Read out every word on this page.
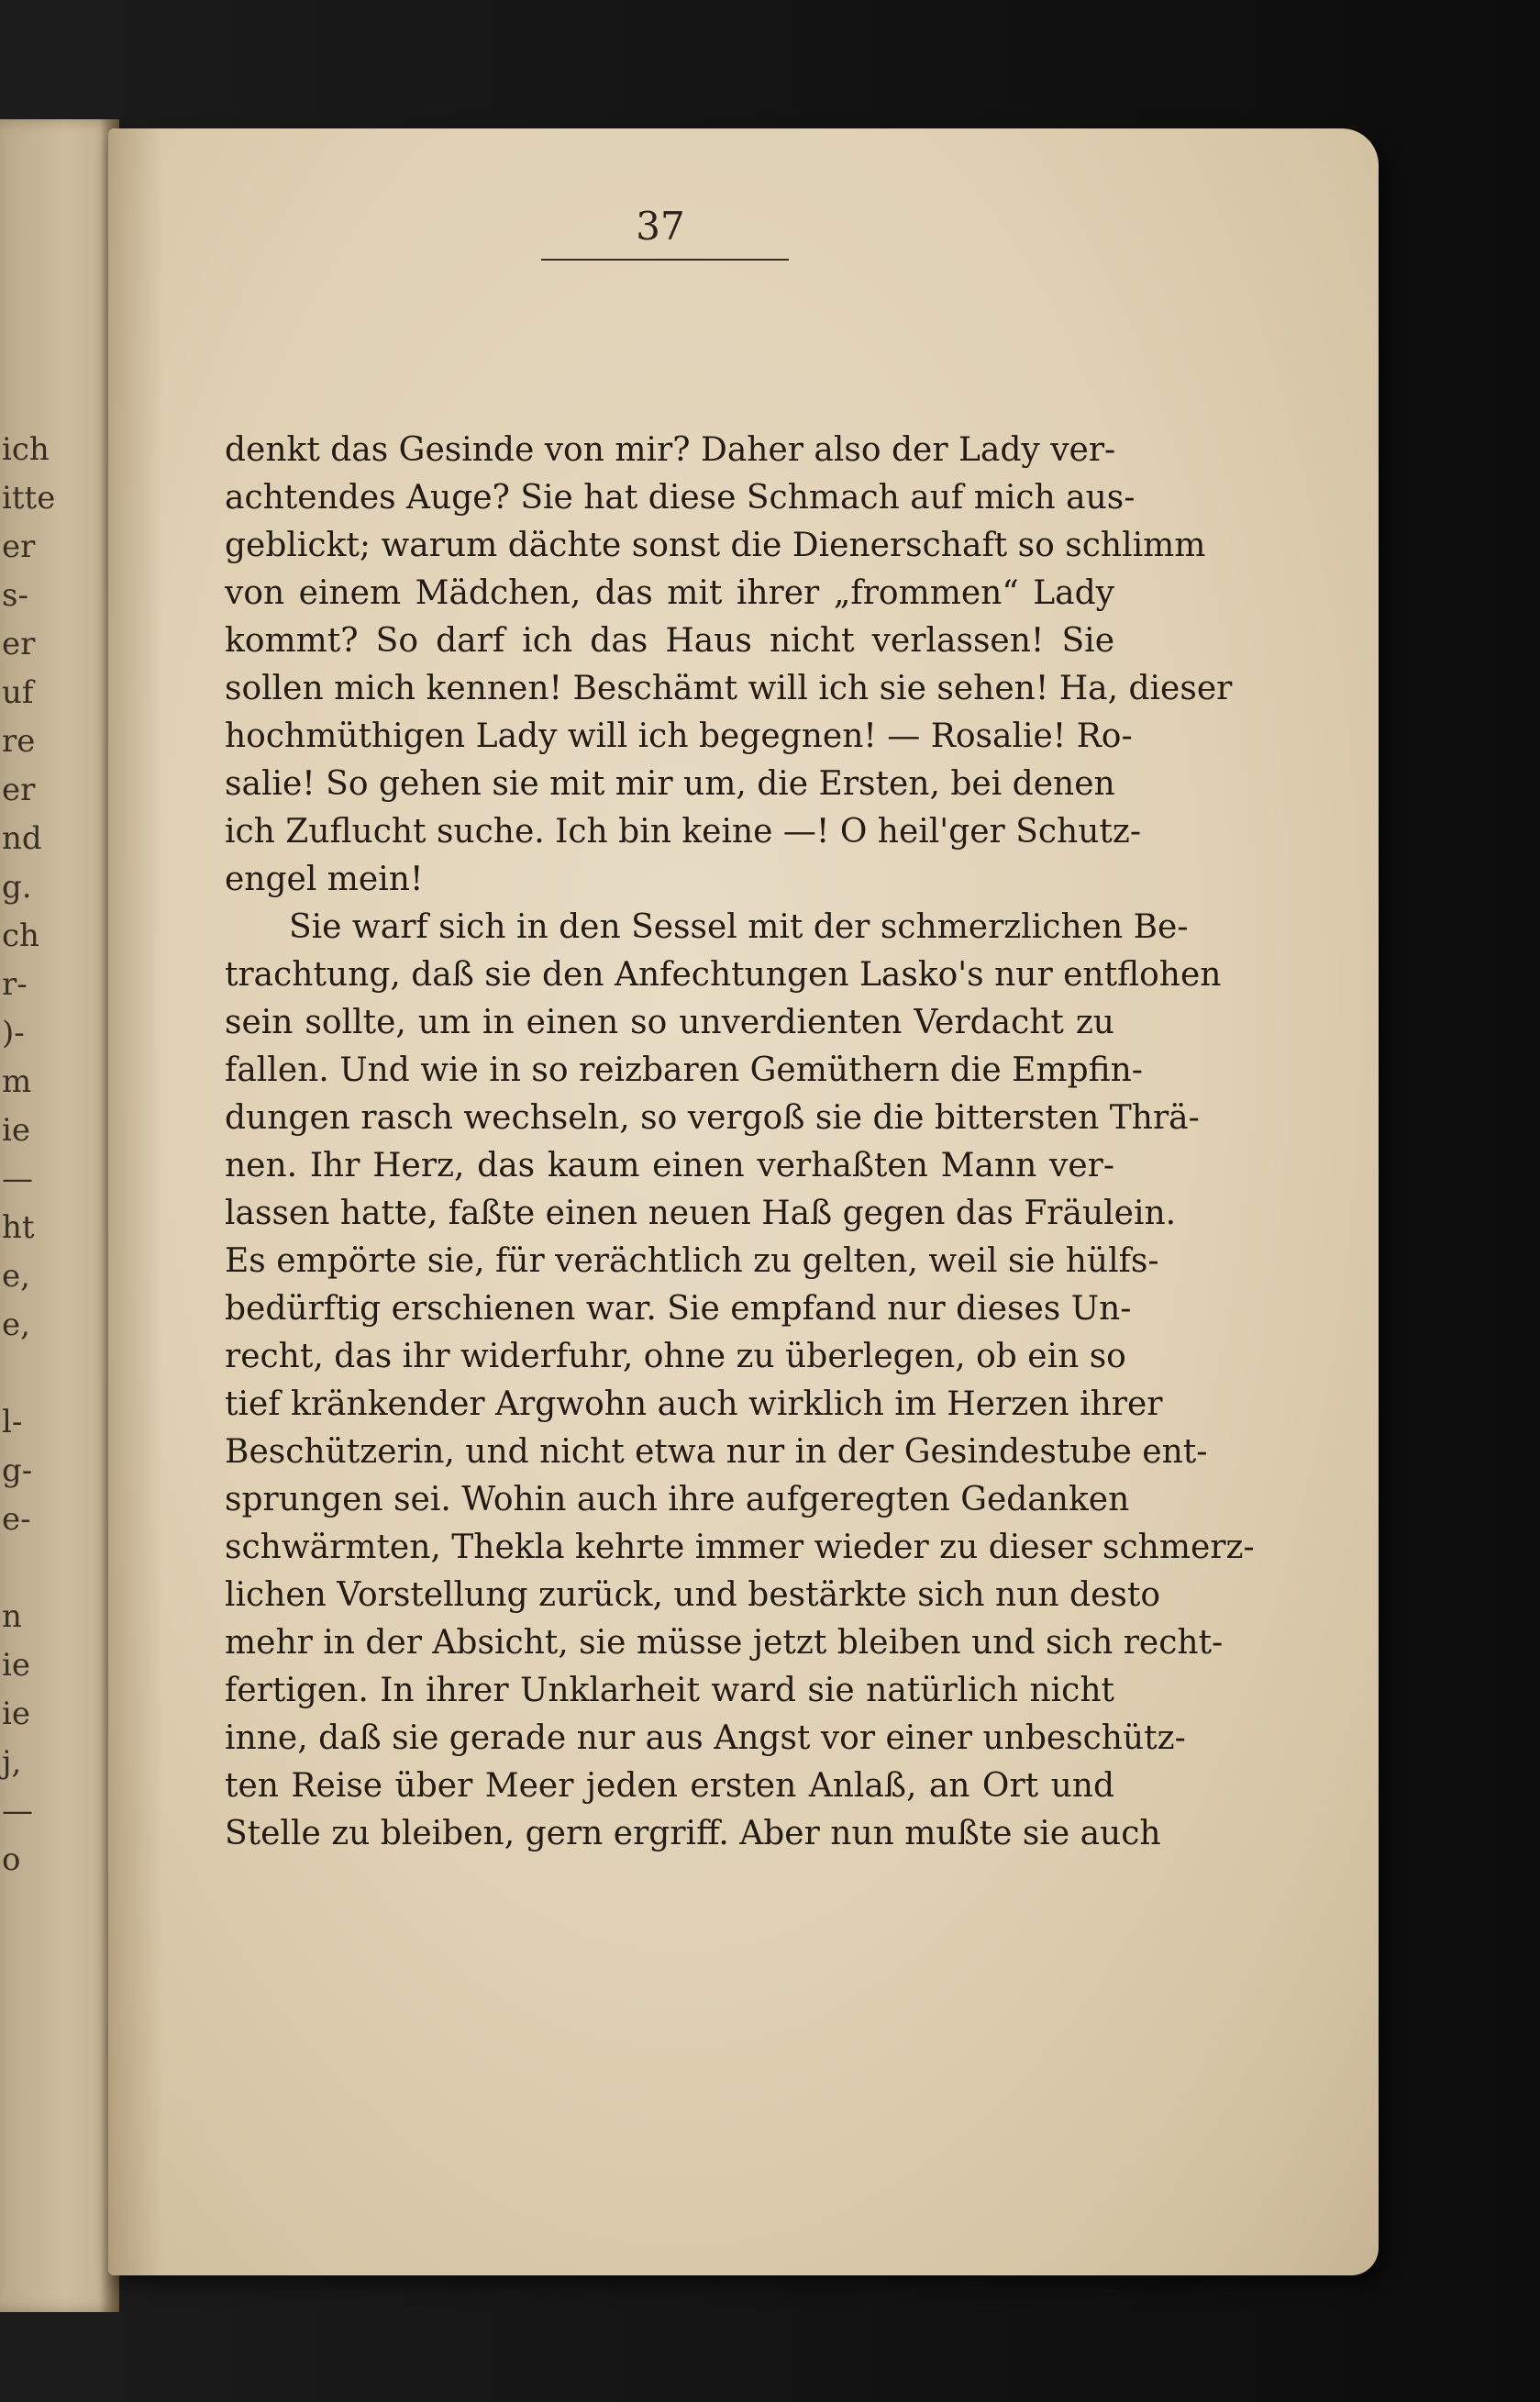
ich
itte
er
s-
er
uf
re
er
nd
g.
ch
r-
)-
m
ie
—
ht
e,
e,
l-
g-
e-
n
ie
ie
j,
—
o
37
denkt das Gesinde von mir? Daher also der Lady ver-
achtendes Auge? Sie hat diese Schmach auf mich aus-
geblickt; warum dächte sonst die Dienerschaft so schlimm
von einem Mädchen, das mit ihrer „frommen“ Lady
kommt? So darf ich das Haus nicht verlassen! Sie
sollen mich kennen! Beschämt will ich sie sehen! Ha, dieser
hochmüthigen Lady will ich begegnen! — Rosalie! Ro-
salie! So gehen sie mit mir um, die Ersten, bei denen
ich Zuflucht suche. Ich bin keine —! O heil'ger Schutz-
engel mein!
Sie warf sich in den Sessel mit der schmerzlichen Be-
trachtung, daß sie den Anfechtungen Lasko's nur entflohen
sein sollte, um in einen so unverdienten Verdacht zu
fallen. Und wie in so reizbaren Gemüthern die Empfin-
dungen rasch wechseln, so vergoß sie die bittersten Thrä-
nen. Ihr Herz, das kaum einen verhaßten Mann ver-
lassen hatte, faßte einen neuen Haß gegen das Fräulein.
Es empörte sie, für verächtlich zu gelten, weil sie hülfs-
bedürftig erschienen war. Sie empfand nur dieses Un-
recht, das ihr widerfuhr, ohne zu überlegen, ob ein so
tief kränkender Argwohn auch wirklich im Herzen ihrer
Beschützerin, und nicht etwa nur in der Gesindestube ent-
sprungen sei. Wohin auch ihre aufgeregten Gedanken
schwärmten, Thekla kehrte immer wieder zu dieser schmerz-
lichen Vorstellung zurück, und bestärkte sich nun desto
mehr in der Absicht, sie müsse jetzt bleiben und sich recht-
fertigen. In ihrer Unklarheit ward sie natürlich nicht
inne, daß sie gerade nur aus Angst vor einer unbeschütz-
ten Reise über Meer jeden ersten Anlaß, an Ort und
Stelle zu bleiben, gern ergriff. Aber nun mußte sie auch
